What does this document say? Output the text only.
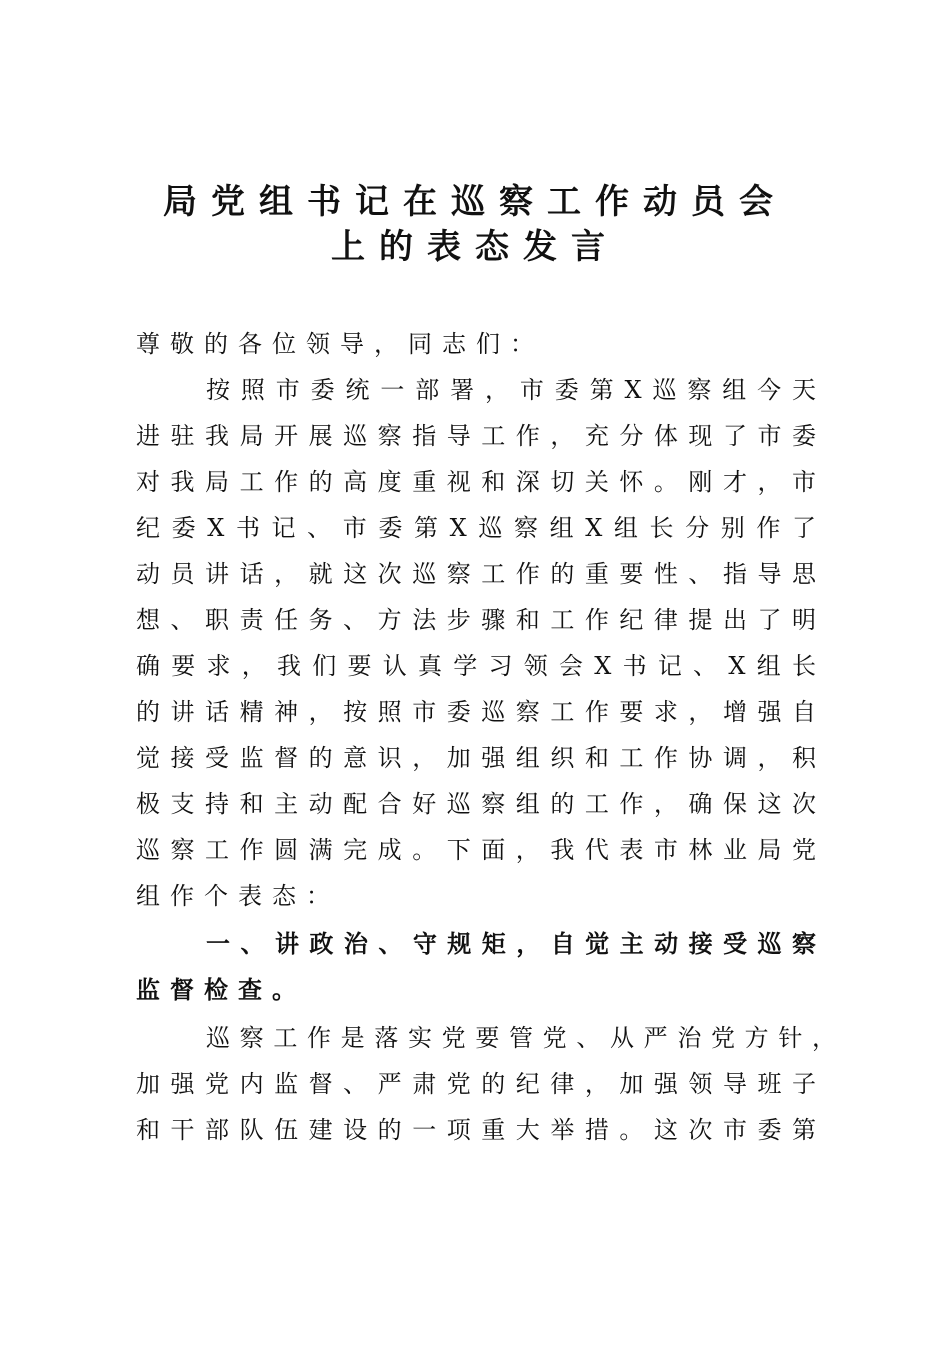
局党组书记在巡察工作动员会
上的表态发言
尊敬的各位领导，同志们：
按照市委统一部署，市委第X巡察组今天
进驻我局开展巡察指导工作，充分体现了市委
对我局工作的高度重视和深切关怀。刚才，市
纪委X书记、市委第X巡察组X组长分别作了
动员讲话，就这次巡察工作的重要性、指导思
想、职责任务、方法步骤和工作纪律提出了明
确要求，我们要认真学习领会X书记、X组长
的讲话精神，按照市委巡察工作要求，增强自
觉接受监督的意识，加强组织和工作协调，积
极支持和主动配合好巡察组的工作，确保这次
巡察工作圆满完成。下面，我代表市林业局党
组作个表态：
一、讲政治、守规矩，自觉主动接受巡察
监督检查。
巡察工作是落实党要管党、从严治党方针，
加强党内监督、严肃党的纪律，加强领导班子
和干部队伍建设的一项重大举措。这次市委第
